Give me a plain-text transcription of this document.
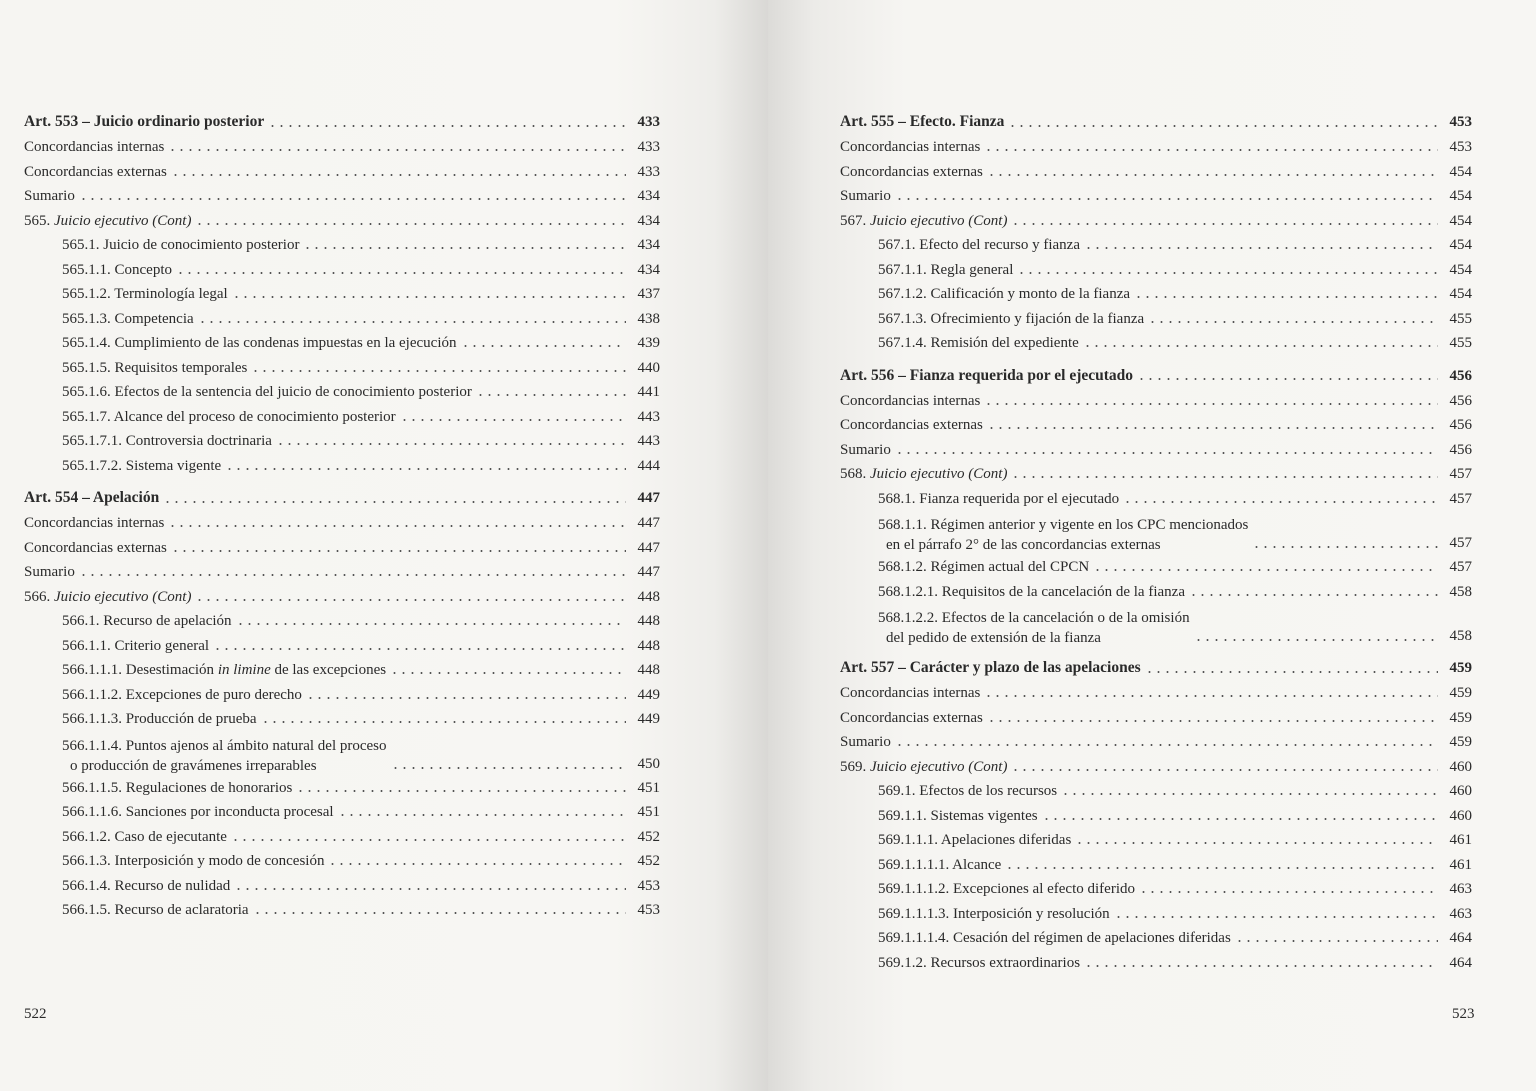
Art. 553 – Juicio ordinario posterior	433
Concordancias internas	433
Concordancias externas	433
Sumario	434
565. Juicio ejecutivo (Cont)	434
565.1. Juicio de conocimiento posterior	434
565.1.1. Concepto	434
565.1.2. Terminología legal	437
565.1.3. Competencia	438
565.1.4. Cumplimiento de las condenas impuestas en la ejecución	439
565.1.5. Requisitos temporales	440
565.1.6. Efectos de la sentencia del juicio de conocimiento posterior	441
565.1.7. Alcance del proceso de conocimiento posterior	443
565.1.7.1. Controversia doctrinaria	443
565.1.7.2. Sistema vigente	444
Art. 554 – Apelación	447
Concordancias internas	447
Concordancias externas	447
Sumario	447
566. Juicio ejecutivo (Cont)	448
566.1. Recurso de apelación	448
566.1.1. Criterio general	448
566.1.1.1. Desestimación in limine de las excepciones	448
566.1.1.2. Excepciones de puro derecho	449
566.1.1.3. Producción de prueba	449
566.1.1.4. Puntos ajenos al ámbito natural del proceso
o producción de gravámenes irreparables	450
566.1.1.5. Regulaciones de honorarios	451
566.1.1.6. Sanciones por inconducta procesal	451
566.1.2. Caso de ejecutante	452
566.1.3. Interposición y modo de concesión	452
566.1.4. Recurso de nulidad	453
566.1.5. Recurso de aclaratoria	453
522
Art. 555 – Efecto. Fianza	453
Concordancias internas	453
Concordancias externas	454
Sumario	454
567. Juicio ejecutivo (Cont)	454
567.1. Efecto del recurso y fianza	454
567.1.1. Regla general	454
567.1.2. Calificación y monto de la fianza	454
567.1.3. Ofrecimiento y fijación de la fianza	455
567.1.4. Remisión del expediente	455
Art. 556 – Fianza requerida por el ejecutado	456
Concordancias internas	456
Concordancias externas	456
Sumario	456
568. Juicio ejecutivo (Cont)	457
568.1. Fianza requerida por el ejecutado	457
568.1.1. Régimen anterior y vigente en los CPC mencionados
en el párrafo 2° de las concordancias externas	457
568.1.2. Régimen actual del CPCN	457
568.1.2.1. Requisitos de la cancelación de la fianza	458
568.1.2.2. Efectos de la cancelación o de la omisión
del pedido de extensión de la fianza	458
Art. 557 – Carácter y plazo de las apelaciones	459
Concordancias internas	459
Concordancias externas	459
Sumario	459
569. Juicio ejecutivo (Cont)	460
569.1. Efectos de los recursos	460
569.1.1. Sistemas vigentes	460
569.1.1.1. Apelaciones diferidas	461
569.1.1.1.1. Alcance	461
569.1.1.1.2. Excepciones al efecto diferido	463
569.1.1.1.3. Interposición y resolución	463
569.1.1.1.4. Cesación del régimen de apelaciones diferidas	464
569.1.2. Recursos extraordinarios	464
523
